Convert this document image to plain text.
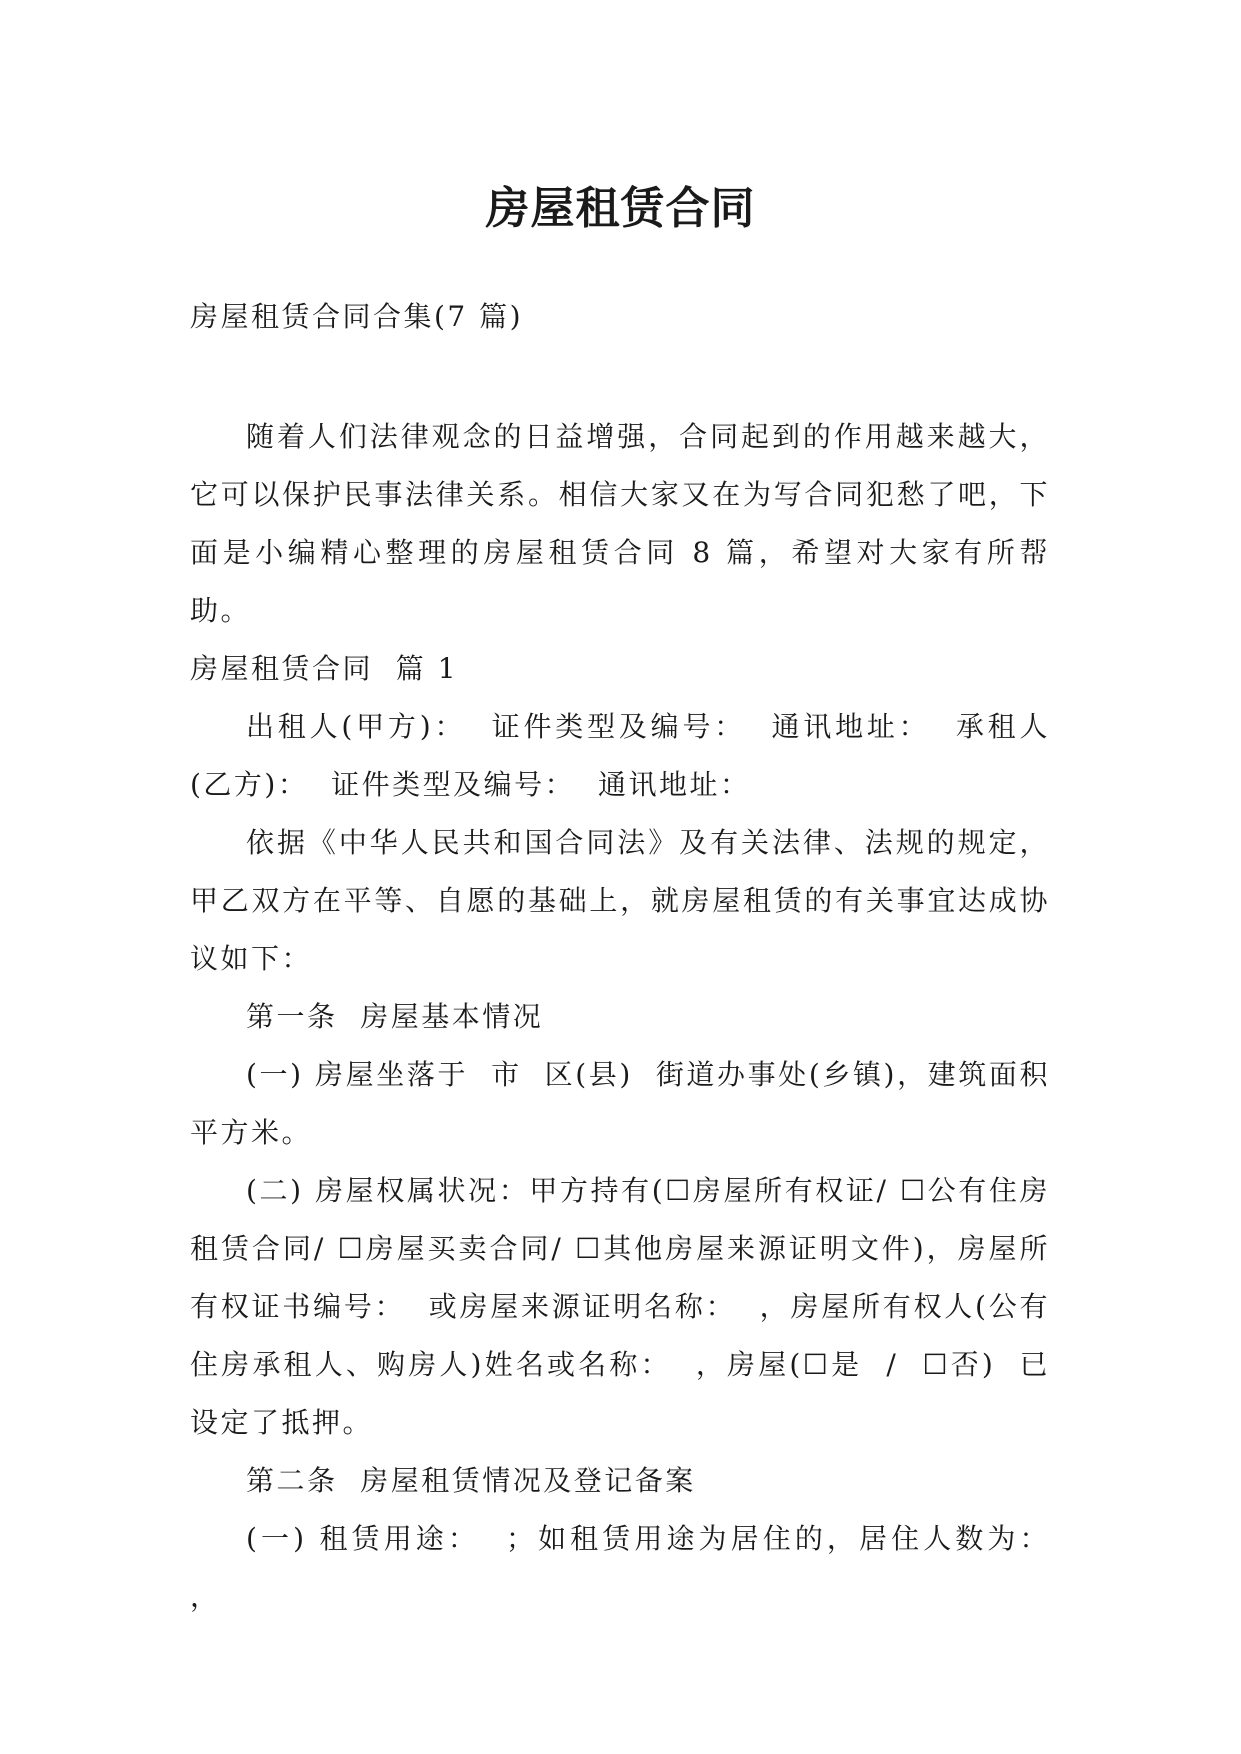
房屋租赁合同
房屋租赁合同合集(7 篇)

随着人们法律观念的日益增强，合同起到的作用越来越大，它可以保护民事法律关系。相信大家又在为写合同犯愁了吧，下面是小编精心整理的房屋租赁合同 8 篇，希望对大家有所帮助。

房屋租赁合同  篇 1

出租人(甲方)：  证件类型及编号：  通讯地址：  承租人(乙方)：  证件类型及编号：  通讯地址：

依据《中华人民共和国合同法》及有关法律、法规的规定，甲乙双方在平等、自愿的基础上，就房屋租赁的有关事宜达成协议如下：

第一条  房屋基本情况

(一) 房屋坐落于  市  区(县)  街道办事处(乡镇)，建筑面积  平方米。

(二) 房屋权属状况：甲方持有(☐房屋所有权证/ ☐公有住房租赁合同/ ☐房屋买卖合同/ ☐其他房屋来源证明文件)，房屋所有权证书编号：  或房屋来源证明名称：  ，房屋所有权人(公有住房承租人、购房人)姓名或名称：  ，房屋(☐是  /  ☐否)  已设定了抵押。

第二条  房屋租赁情况及登记备案

(一) 租赁用途：  ；如租赁用途为居住的，居住人数为：  ，
